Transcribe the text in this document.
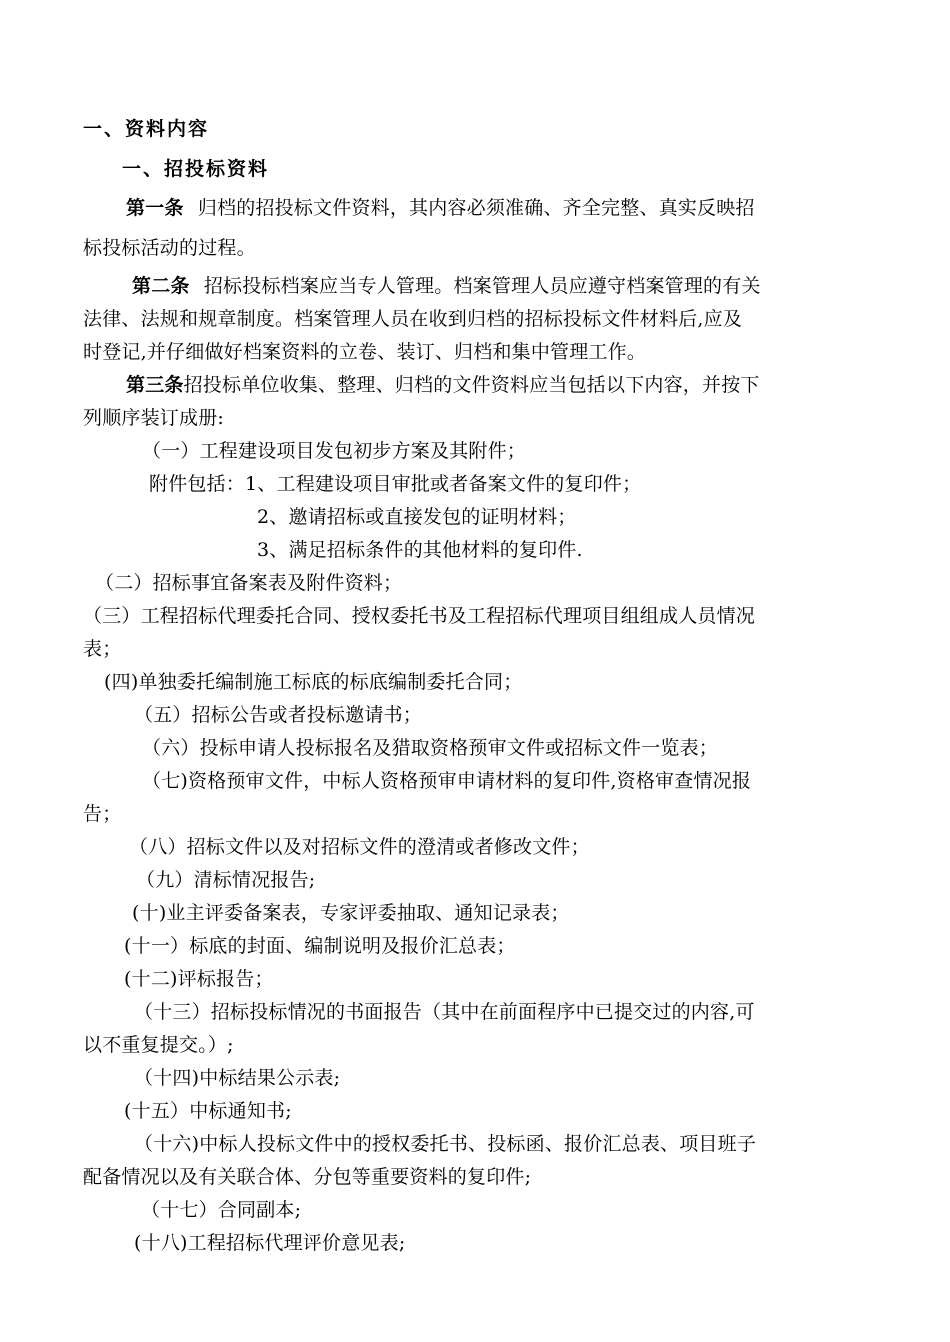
一、资料内容
一、招投标资料
第一条 归档的招投标文件资料，其内容必须准确、齐全完整、真实反映招
标投标活动的过程。
第二条 招标投标档案应当专人管理。档案管理人员应遵守档案管理的有关
法律、法规和规章制度。档案管理人员在收到归档的招标投标文件材料后,应及
时登记,并仔细做好档案资料的立卷、装订、归档和集中管理工作。
第三条招投标单位收集、整理、归档的文件资料应当包括以下内容，并按下
列顺序装订成册:
（一）工程建设项目发包初步方案及其附件；
附件包括：1、工程建设项目审批或者备案文件的复印件；
2、邀请招标或直接发包的证明材料；
3、满足招标条件的其他材料的复印件.
（二）招标事宜备案表及附件资料；
（三）工程招标代理委托合同、授权委托书及工程招标代理项目组组成人员情况
表；
(四)单独委托编制施工标底的标底编制委托合同；
（五）招标公告或者投标邀请书；
（六）投标申请人投标报名及猎取资格预审文件或招标文件一览表；
（七)资格预审文件，中标人资格预审申请材料的复印件,资格审查情况报
告；
（八）招标文件以及对招标文件的澄清或者修改文件；
（九）清标情况报告;
(十)业主评委备案表，专家评委抽取、通知记录表；
(十一）标底的封面、编制说明及报价汇总表；
(十二)评标报告；
（十三）招标投标情况的书面报告（其中在前面程序中已提交过的内容,可
以不重复提交。）;
（十四)中标结果公示表;
(十五）中标通知书;
（十六)中标人投标文件中的授权委托书、投标函、报价汇总表、项目班子
配备情况以及有关联合体、分包等重要资料的复印件;
（十七）合同副本;
(十八)工程招标代理评价意见表;
